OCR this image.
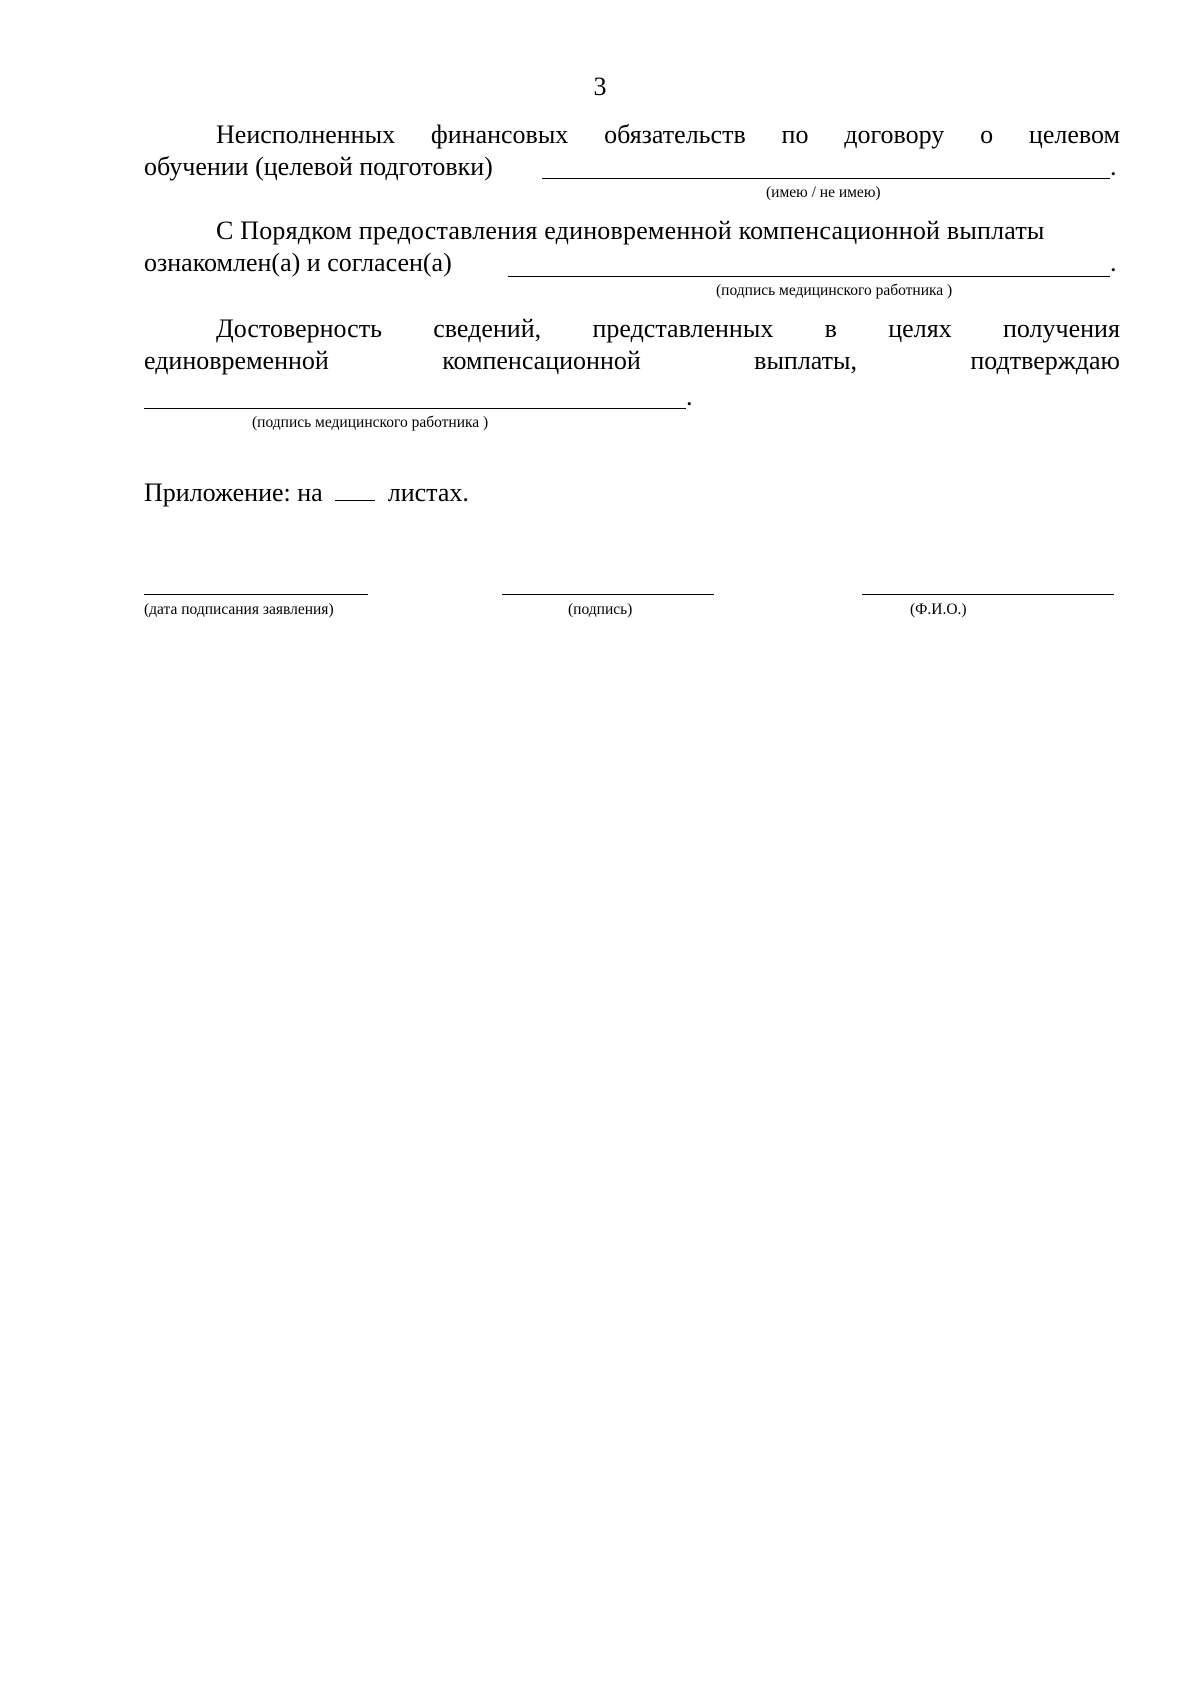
3
Неисполненных финансовых обязательств по договору о целевом
обучении (целевой подготовки)	.
(имею / не имею)
С Порядком предоставления единовременной компенсационной выплаты
ознакомлен(а) и согласен(а)	.
(подпись медицинского работника )
Достоверность сведений, представленных в целях получения
единовременной	компенсационной	выплаты,	подтверждаю
.
(подпись медицинского работника )
Приложение: на	листах.
(дата подписания заявления)	(подпись)	(Ф.И.О.)
